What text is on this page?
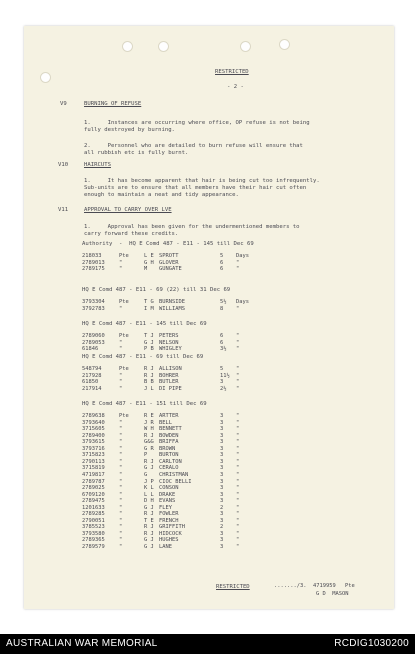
RESTRICTED
- 2 -
V9	BURNING OF REFUSE
1.     Instances are occurring where office, OP refuse is not being
fully destroyed by burning.
2.     Personnel who are detailed to burn refuse will ensure that
all rubbish etc is fully burnt.
V10	HAIRCUTS
1.     It has become apparent that hair is being cut too infrequently.
Sub-units are to ensure that all members have their hair cut often
enough to maintain a neat and tidy appearance.
V11	APPROVAL TO CARRY OVER LVE
1.     Approval has been given for the undermentioned members to
carry forward these credits.
Authority  -  HQ E Comd 487 - E11 - 145 till Dec 69
218033	Pte	L E SPROTT	5 Days
2789013	"	G H GLOVER	6 "
2789175	"	M GUNGATE	6 "
HQ E Comd 487 - E11 - 69 (22) till 31 Dec 69
3793304	Pte	T G BURNSIDE	5½ Days
3792783	"	I M WILLIAMS	8 "
HQ E Comd 487 - E11 - 145 till Dec 69
2789060	Pte	T J PETERS	6 "
2789053	"	G J NELSON	6 "
61846	"	P B WHIGLEY	3½ "
HQ E Comd 487 - E11 - 69 till Dec 69
548794	Pte	R J ALLISON	5 "
217928	"	R J BOHRER	11½ "
61850	"	B B BUTLER	3 "
217914	"	J L DI PIPE	2½ "
HQ E Comd 487 - E11 - 151 till Dec 69
2789638	Pte	R E ARTTER	3 "
3793640	"	J R BELL	3 "
3715605	"	W H BENNETT	3 "
2789400	"	R J BOWDEN	3 "
3793615	"	G&G BRIFFA	3 "
3793716	"	G R BROWN	3 "
3715823	"	P BURTON	3 "
2790113	"	R J CARLTON	3 "
3715819	"	G J CERALO	3 "
4719817	"	G CHRISTMAN	3 "
2789787	"	J P CIOC BELLI	3 "
2789025	"	K L CONSON	3 "
6709120	"	L L DRAKE	3 "
2789475	"	D H EVANS	3 "
1201633	"	G J FLEY	2 "
2789285	"	R J FOWLER	3 "
2790051	"	T E FRENCH	3 "
3785523	"	R J GRIFFITH	2 "
3793580	"	R J HIDCOCK	3 "
2789365	"	G J HUGHES	3 "
2789579	"	G J LANE	3 "
RESTRICTED	......./3. 4719959 Pte
G D  MASON
AUSTRALIAN WAR MEMORIAL	RCDIG1030200
